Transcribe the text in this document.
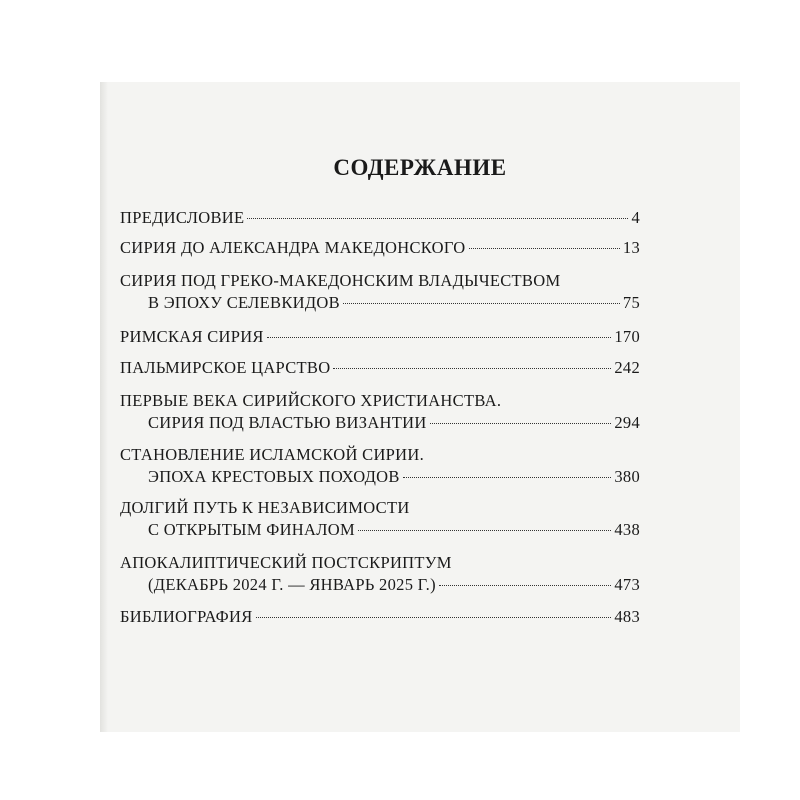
СОДЕРЖАНИЕ
ПРЕДИСЛОВИЕ	4
СИРИЯ ДО АЛЕКСАНДРА МАКЕДОНСКОГО	13
СИРИЯ ПОД ГРЕКО-МАКЕДОНСКИМ ВЛАДЫЧЕСТВОМ
В ЭПОХУ СЕЛЕВКИДОВ	75
РИМСКАЯ СИРИЯ	170
ПАЛЬМИРСКОЕ ЦАРСТВО	242
ПЕРВЫЕ ВЕКА СИРИЙСКОГО ХРИСТИАНСТВА.
СИРИЯ ПОД ВЛАСТЬЮ ВИЗАНТИИ	294
СТАНОВЛЕНИЕ ИСЛАМСКОЙ СИРИИ.
ЭПОХА КРЕСТОВЫХ ПОХОДОВ	380
ДОЛГИЙ ПУТЬ К НЕЗАВИСИМОСТИ
С ОТКРЫТЫМ ФИНАЛОМ	438
АПОКАЛИПТИЧЕСКИЙ ПОСТСКРИПТУМ
(ДЕКАБРЬ 2024 Г. — ЯНВАРЬ 2025 Г.)	473
БИБЛИОГРАФИЯ	483
